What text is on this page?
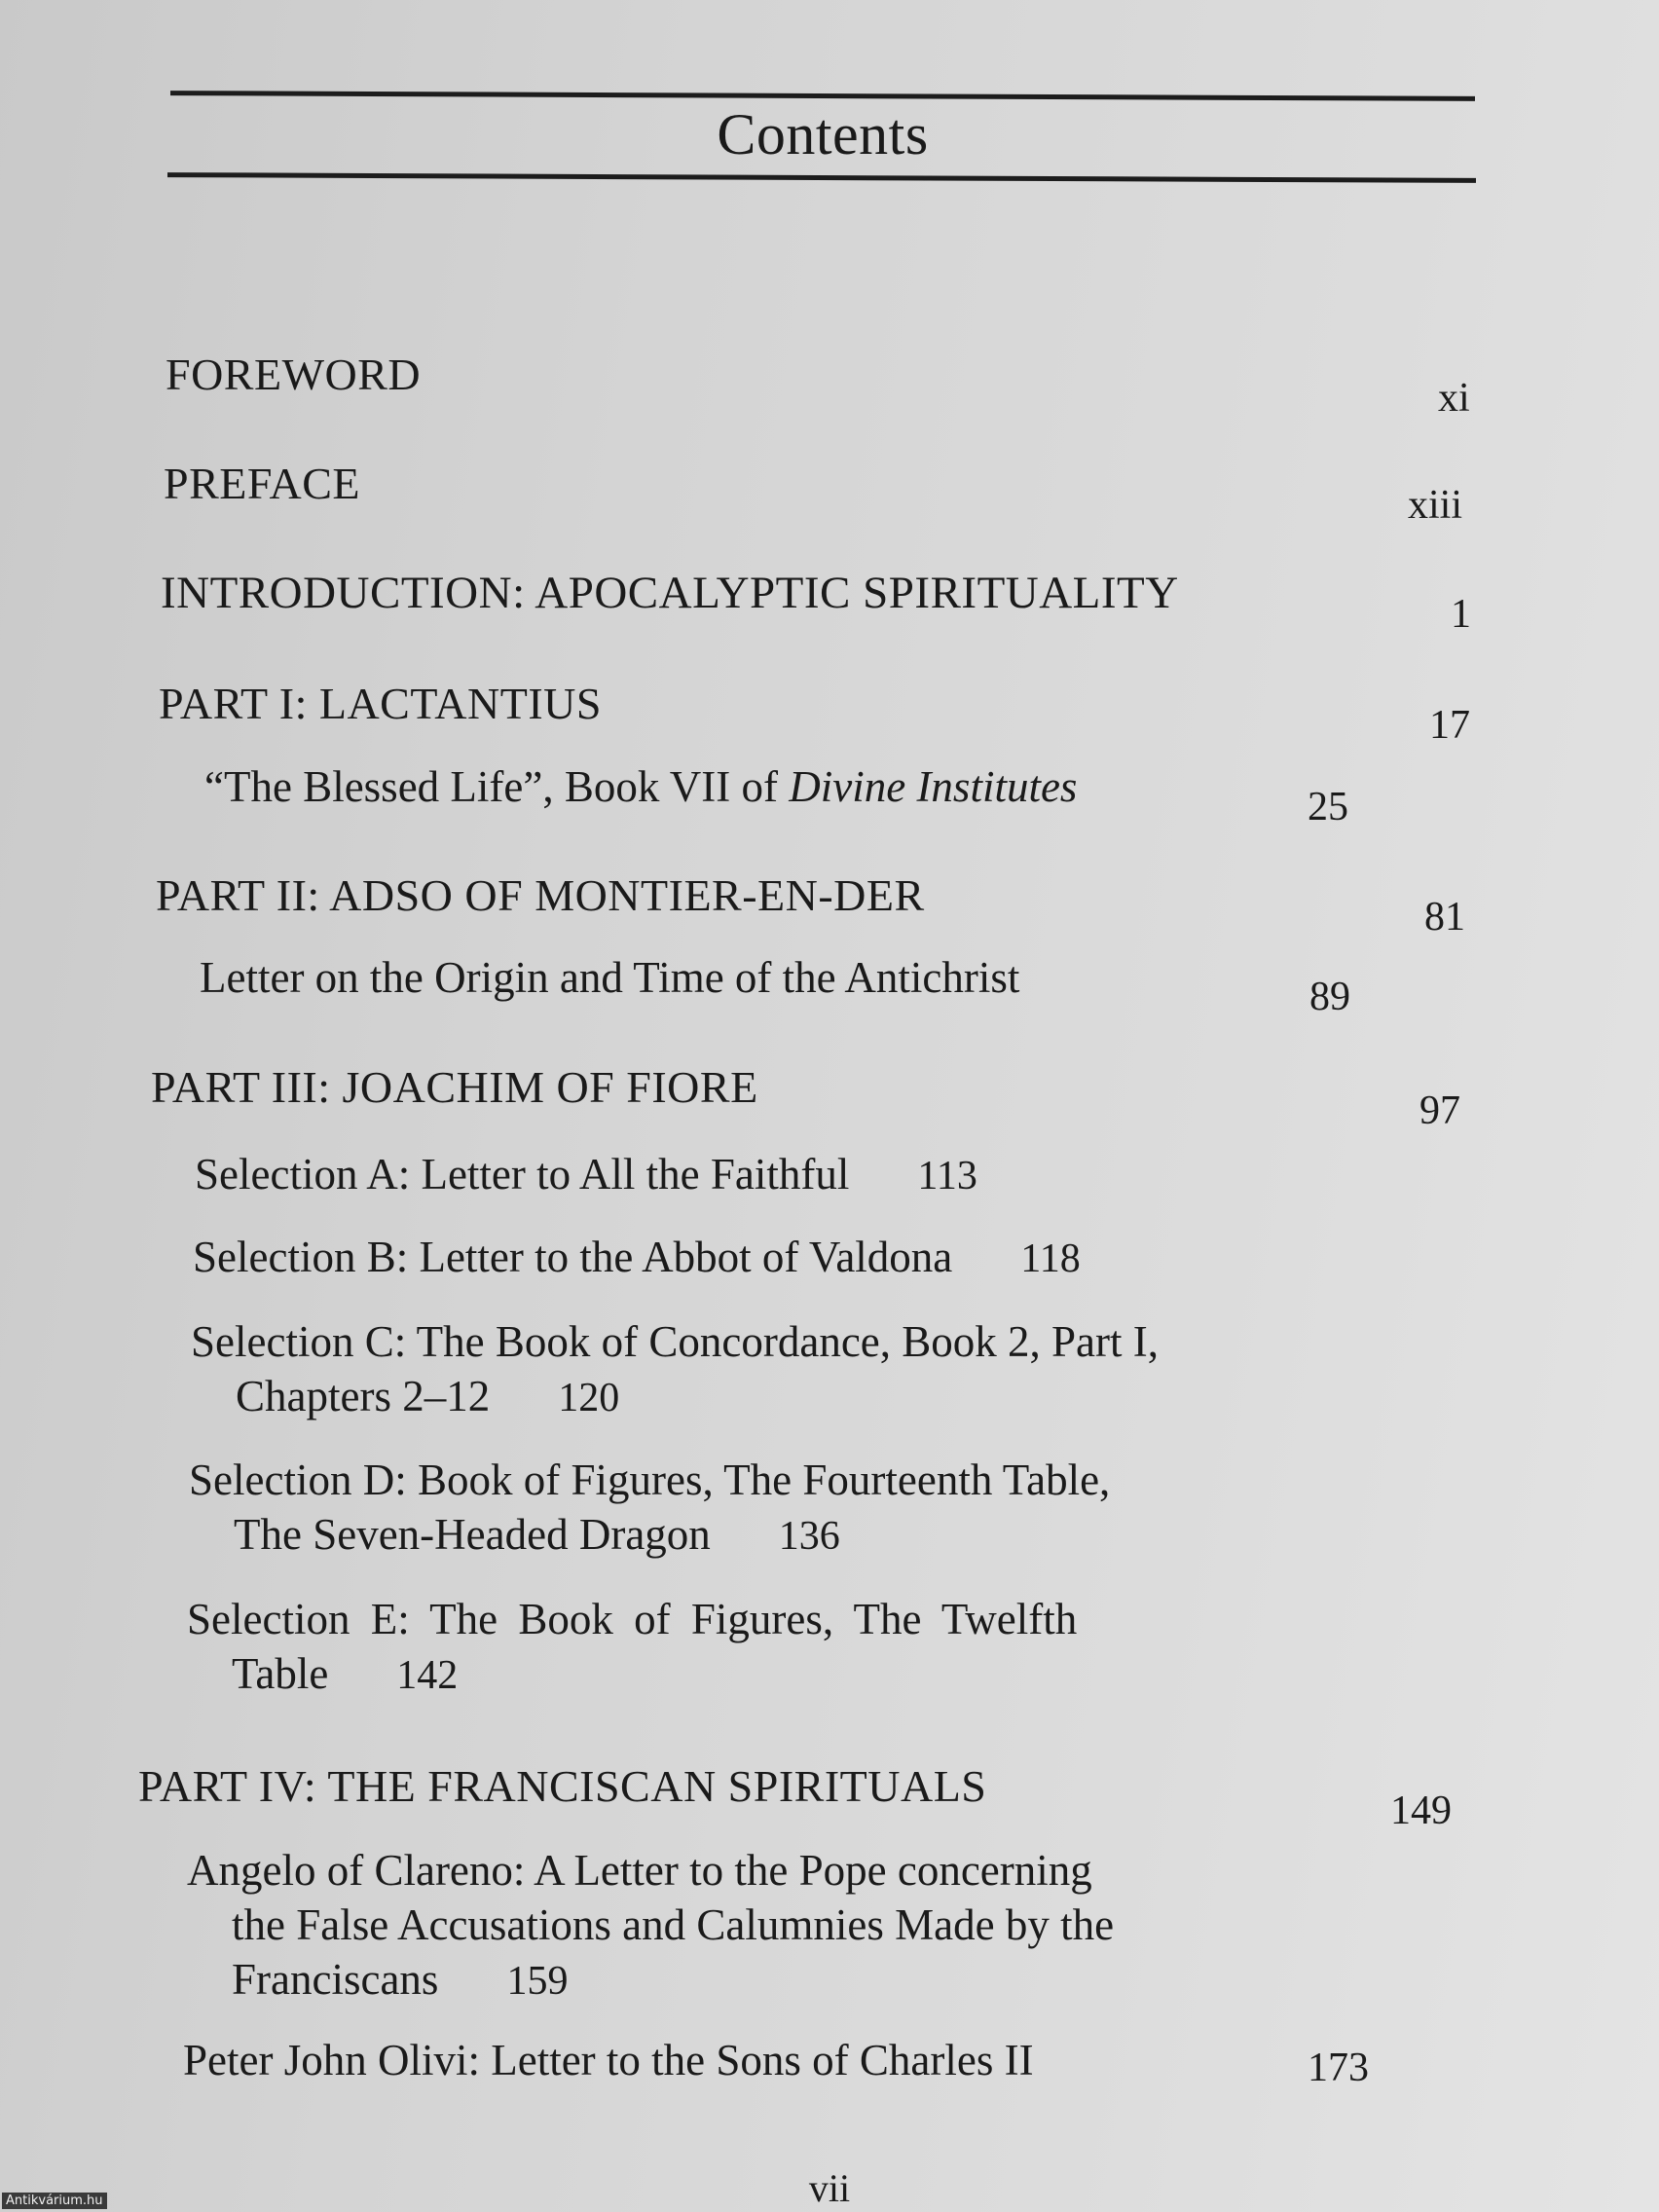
Contents
FOREWORD	xi
PREFACE	xiii
INTRODUCTION: APOCALYPTIC SPIRITUALITY	1
PART I: LACTANTIUS	17
“The Blessed Life”, Book VII of Divine Institutes	25
PART II: ADSO OF MONTIER-EN-DER	81
Letter on the Origin and Time of the Antichrist	89
PART III: JOACHIM OF FIORE	97
Selection A: Letter to All the Faithful 113
Selection B: Letter to the Abbot of Valdona 118
Selection C: The Book of Concordance, Book 2, Part I,
Chapters 2–12 120
Selection D: Book of Figures, The Fourteenth Table,
The Seven-Headed Dragon 136
Selection E: The Book of Figures, The Twelfth
Table 142
PART IV: THE FRANCISCAN SPIRITUALS	149
Angelo of Clareno: A Letter to the Pope concerning
the False Accusations and Calumnies Made by the
Franciscans 159
Peter John Olivi: Letter to the Sons of Charles II	173
vii
Antikvárium.hu
